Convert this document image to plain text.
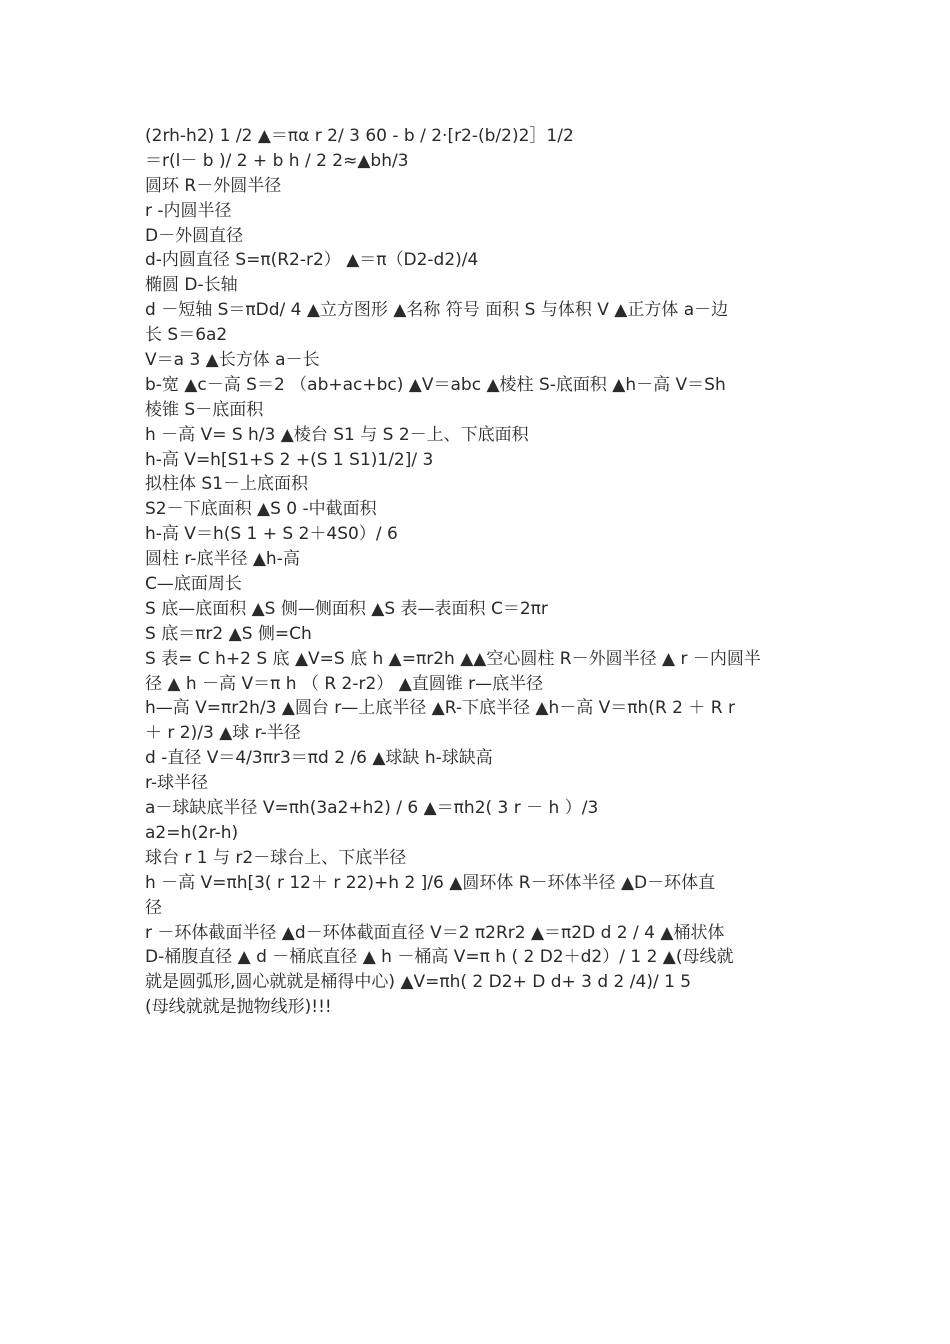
(2rh-h2) 1 /2 ▲＝πα r 2/ 3 60 - b / 2·[r2-(b/2)2］1/2
＝r(l－ b )/ 2 + b h / 2 2≈▲bh/3
圆环 R－外圆半径
r -内圆半径
D－外圆直径
d-内圆直径 S=π(R2-r2） ▲＝π（D2-d2)/4
椭圆 D-长轴
d －短轴 S＝πDd/ 4 ▲立方图形 ▲名称 符号 面积 S 与体积 V ▲正方体 a－边
长 S＝6a2
V＝a 3 ▲长方体 a－长
b-宽 ▲c－高 S＝2 （ab+ac+bc) ▲V＝abc ▲棱柱 S-底面积 ▲h－高 V＝Sh
棱锥 S－底面积
h －高 V= S h/3 ▲棱台 S1 与 S 2－上、下底面积
h-高 V=h[S1+S 2 +(S 1 S1)1/2]/ 3
拟柱体 S1－上底面积
S2－下底面积 ▲S 0 -中截面积
h-高 V＝h(S 1 + S 2＋4S0）/ 6
圆柱 r-底半径 ▲h-高
C—底面周长
S 底—底面积 ▲S 侧—侧面积 ▲S 表—表面积 C＝2πr
S 底＝πr2 ▲S 侧=Ch
S 表= C h+2 S 底 ▲V=S 底 h ▲=πr2h ▲▲空心圆柱 R－外圆半径 ▲ r －内圆半
径 ▲ h －高 V＝π h （ R 2-r2） ▲直圆锥 r—底半径
h—高 V=πr2h/3 ▲圆台 r—上底半径 ▲R-下底半径 ▲h－高 V＝πh(R 2 ＋ R r
＋ r 2)/3 ▲球 r-半径
d -直径 V＝4/3πr3＝πd 2 /6 ▲球缺 h-球缺高
r-球半径
a－球缺底半径 V=πh(3a2+h2) / 6 ▲＝πh2( 3 r － h ）/3
a2=h(2r-h)
球台 r 1 与 r2－球台上、下底半径
h －高 V=πh[3( r 12＋ r 22)+h 2 ]/6 ▲圆环体 R－环体半径 ▲D－环体直
径
r －环体截面半径 ▲d－环体截面直径 V＝2 π2Rr2 ▲＝π2D d 2 / 4 ▲桶状体
D-桶腹直径 ▲ d －桶底直径 ▲ h －桶高 V=π h ( 2 D2＋d2）/ 1 2 ▲(母线就
就是圆弧形,圆心就就是桶得中心) ▲V=πh( 2 D2+ D d+ 3 d 2 /4)/ 1 5
(母线就就是抛物线形)!!!
